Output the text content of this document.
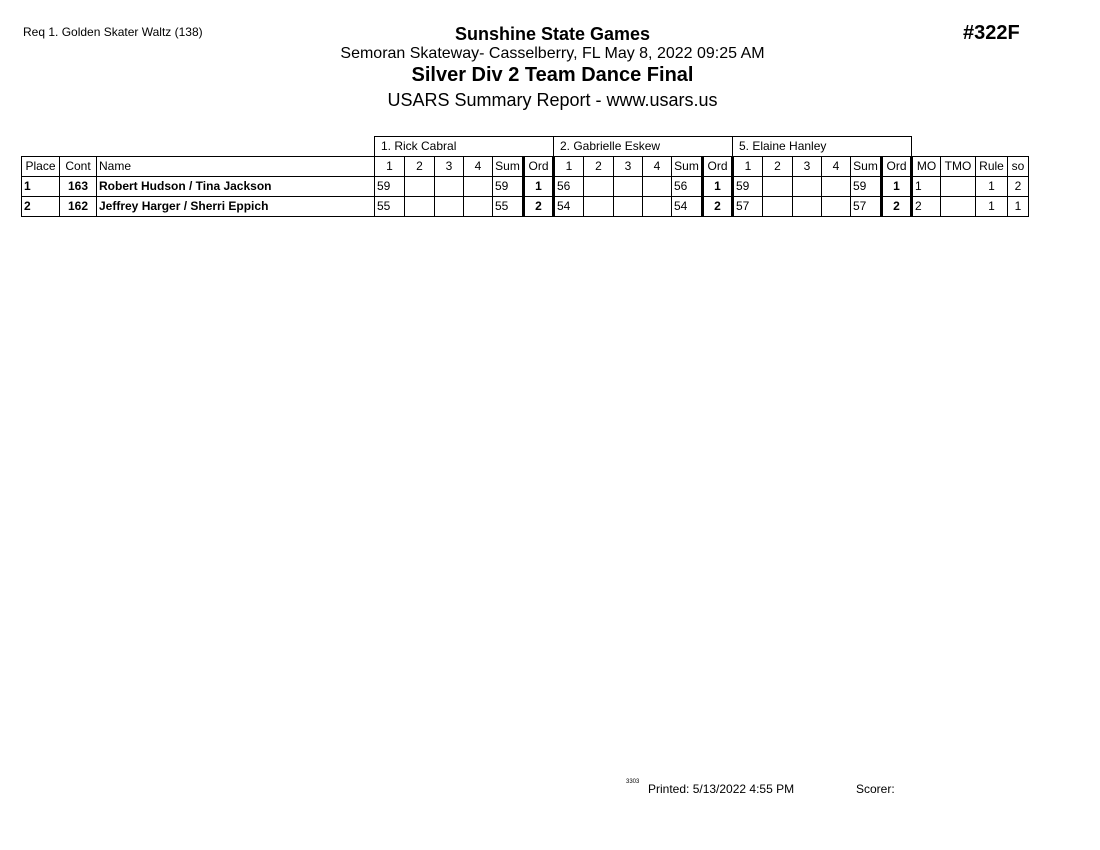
Req 1. Golden Skater Waltz (138)	#322F
Sunshine State Games
Semoran Skateway- Casselberry, FL May 8, 2022 09:25 AM
Silver Div 2 Team Dance Final
USARS Summary Report - www.usars.us
			1. Rick Cabral						2. Gabrielle Eskew						5. Elaine Hanley									
Place	Cont	Name	1	2	3	4	Sum	Ord	1	2	3	4	Sum	Ord	1	2	3	4	Sum	Ord	MO	TMO	Rule	so
1	163	Robert Hudson / Tina Jackson	59				59	1	56				56	1	59				59	1	1		1	2
2	162	Jeffrey Harger / Sherri Eppich	55				55	2	54				54	2	57				57	2	2		1	1
3303 Printed: 5/13/2022 4:55 PM	Scorer:
